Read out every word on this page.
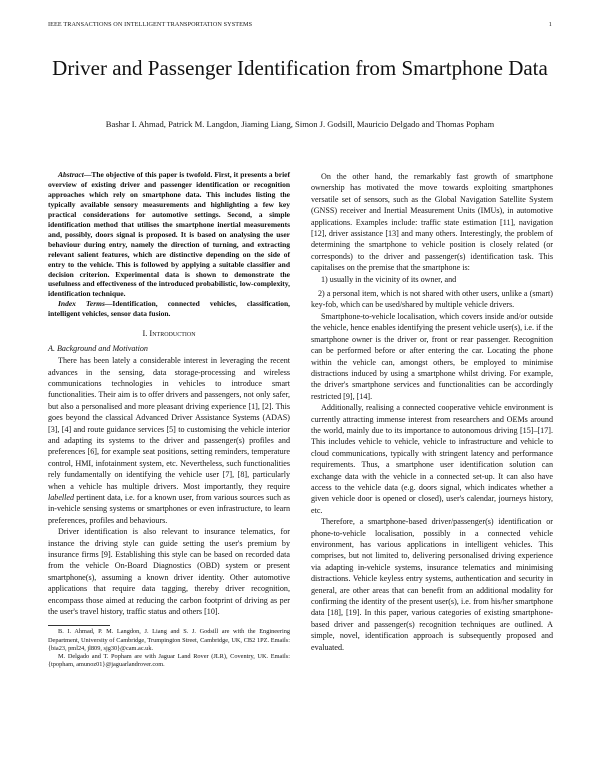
IEEE TRANSACTIONS ON INTELLIGENT TRANSPORTATION SYSTEMS	1
Driver and Passenger Identification from Smartphone Data
Bashar I. Ahmad, Patrick M. Langdon, Jiaming Liang, Simon J. Godsill, Mauricio Delgado and Thomas Popham

Abstract—The objective of this paper is twofold. First, it presents a brief overview of existing driver and passenger identification or recognition approaches which rely on smartphone data. This includes listing the typically available sensory measurements and highlighting a few key practical considerations for automotive settings. Second, a simple identification method that utilises the smartphone inertial measurements and, possibly, doors signal is proposed. It is based on analysing the user behaviour during entry, namely the direction of turning, and extracting relevant salient features, which are distinctive depending on the side of entry to the vehicle. This is followed by applying a suitable classifier and decision criterion. Experimental data is shown to demonstrate the usefulness and effectiveness of the introduced probabilistic, low-complexity, identification technique.

Index Terms—Identification, connected vehicles, classification, intelligent vehicles, sensor data fusion.

I. Introduction
A. Background and Motivation

There has been lately a considerable interest in leveraging the recent advances in the sensing, data storage-processing and wireless communications technologies in vehicles to introduce smart functionalities. Their aim is to offer drivers and passengers, not only safer, but also a personalised and more pleasant driving experience [1], [2]. This goes beyond the classical Advanced Driver Assistance Systems (ADAS) [3], [4] and route guidance services [5] to customising the vehicle interior and adapting its systems to the driver and passenger(s) profiles and preferences [6], for example seat positions, setting reminders, temperature control, HMI, infotainment system, etc. Nevertheless, such functionalities rely fundamentally on identifying the vehicle user [7], [8], particularly when a vehicle has multiple drivers. Most importantly, they require labelled pertinent data, i.e. for a known user, from various sources such as in-vehicle sensing systems or smartphones or even infrastructure, to learn preferences, profiles and behaviours.

Driver identification is also relevant to insurance telematics, for instance the driving style can guide setting the user's premium by insurance firms [9]. Establishing this style can be based on recorded data from the vehicle On-Board Diagnostics (OBD) system or present smartphone(s), assuming a known driver identity. Other automotive applications that require data tagging, thereby driver recognition, encompass those aimed at reducing the carbon footprint of driving as per the user's travel history, traffic status and others [10].

B. I. Ahmad, P. M. Langdon, J. Liang and S. J. Godsill are with the Engineering Department, University of Cambridge, Trumpington Street, Cambridge, UK, CB2 1PZ. Emails: {bia23, pml24, jl809, sjg30}@cam.ac.uk.

M. Delgado and T. Popham are with Jaguar Land Rover (JLR), Coventry, UK. Emails: {tpopham, amunoz01}@jaguarlandrover.com.

On the other hand, the remarkably fast growth of smartphone ownership has motivated the move towards exploiting smartphones versatile set of sensors, such as the Global Navigation Satellite System (GNSS) receiver and Inertial Measurement Units (IMUs), in automotive applications. Examples include: traffic state estimation [11], navigation [12], driver assistance [13] and many others. Interestingly, the problem of determining the smartphone to vehicle position is closely related (or corresponds) to the driver and passenger(s) identification task. This capitalises on the premise that the smartphone is:

1) usually in the vicinity of its owner, and

2) a personal item, which is not shared with other users, unlike a (smart) key-fob, which can be used/shared by multiple vehicle drivers.

Smartphone-to-vehicle localisation, which covers inside and/or outside the vehicle, hence enables identifying the present vehicle user(s), i.e. if the smartphone owner is the driver or, front or rear passenger. Recognition can be performed before or after entering the car. Locating the phone within the vehicle can, amongst others, be employed to minimise distractions induced by using a smartphone whilst driving. For example, the driver's smartphone services and functionalities can be accordingly restricted [9], [14].

Additionally, realising a connected cooperative vehicle environment is currently attracting immense interest from researchers and OEMs around the world, mainly due to its importance to autonomous driving [15]–[17]. This includes vehicle to vehicle, vehicle to infrastructure and vehicle to cloud communications, typically with stringent latency and performance requirements. Thus, a smartphone user identification solution can exchange data with the vehicle in a connected set-up. It can also have access to the vehicle data (e.g. doors signal, which indicates whether a given vehicle door is opened or closed), user's calendar, journeys history, etc.

Therefore, a smartphone-based driver/passenger(s) identification or phone-to-vehicle localisation, possibly in a connected vehicle environment, has various applications in intelligent vehicles. This comprises, but not limited to, delivering personalised driving experience via adapting in-vehicle systems, insurance telematics and minimising distractions. Vehicle keyless entry systems, authentication and security in general, are other areas that can benefit from an additional modality for confirming the identity of the present user(s), i.e. from his/her smartphone data [18], [19]. In this paper, various categories of existing smartphone-based driver and passenger(s) recognition techniques are outlined. A simple, novel, identification approach is subsequently proposed and evaluated.
